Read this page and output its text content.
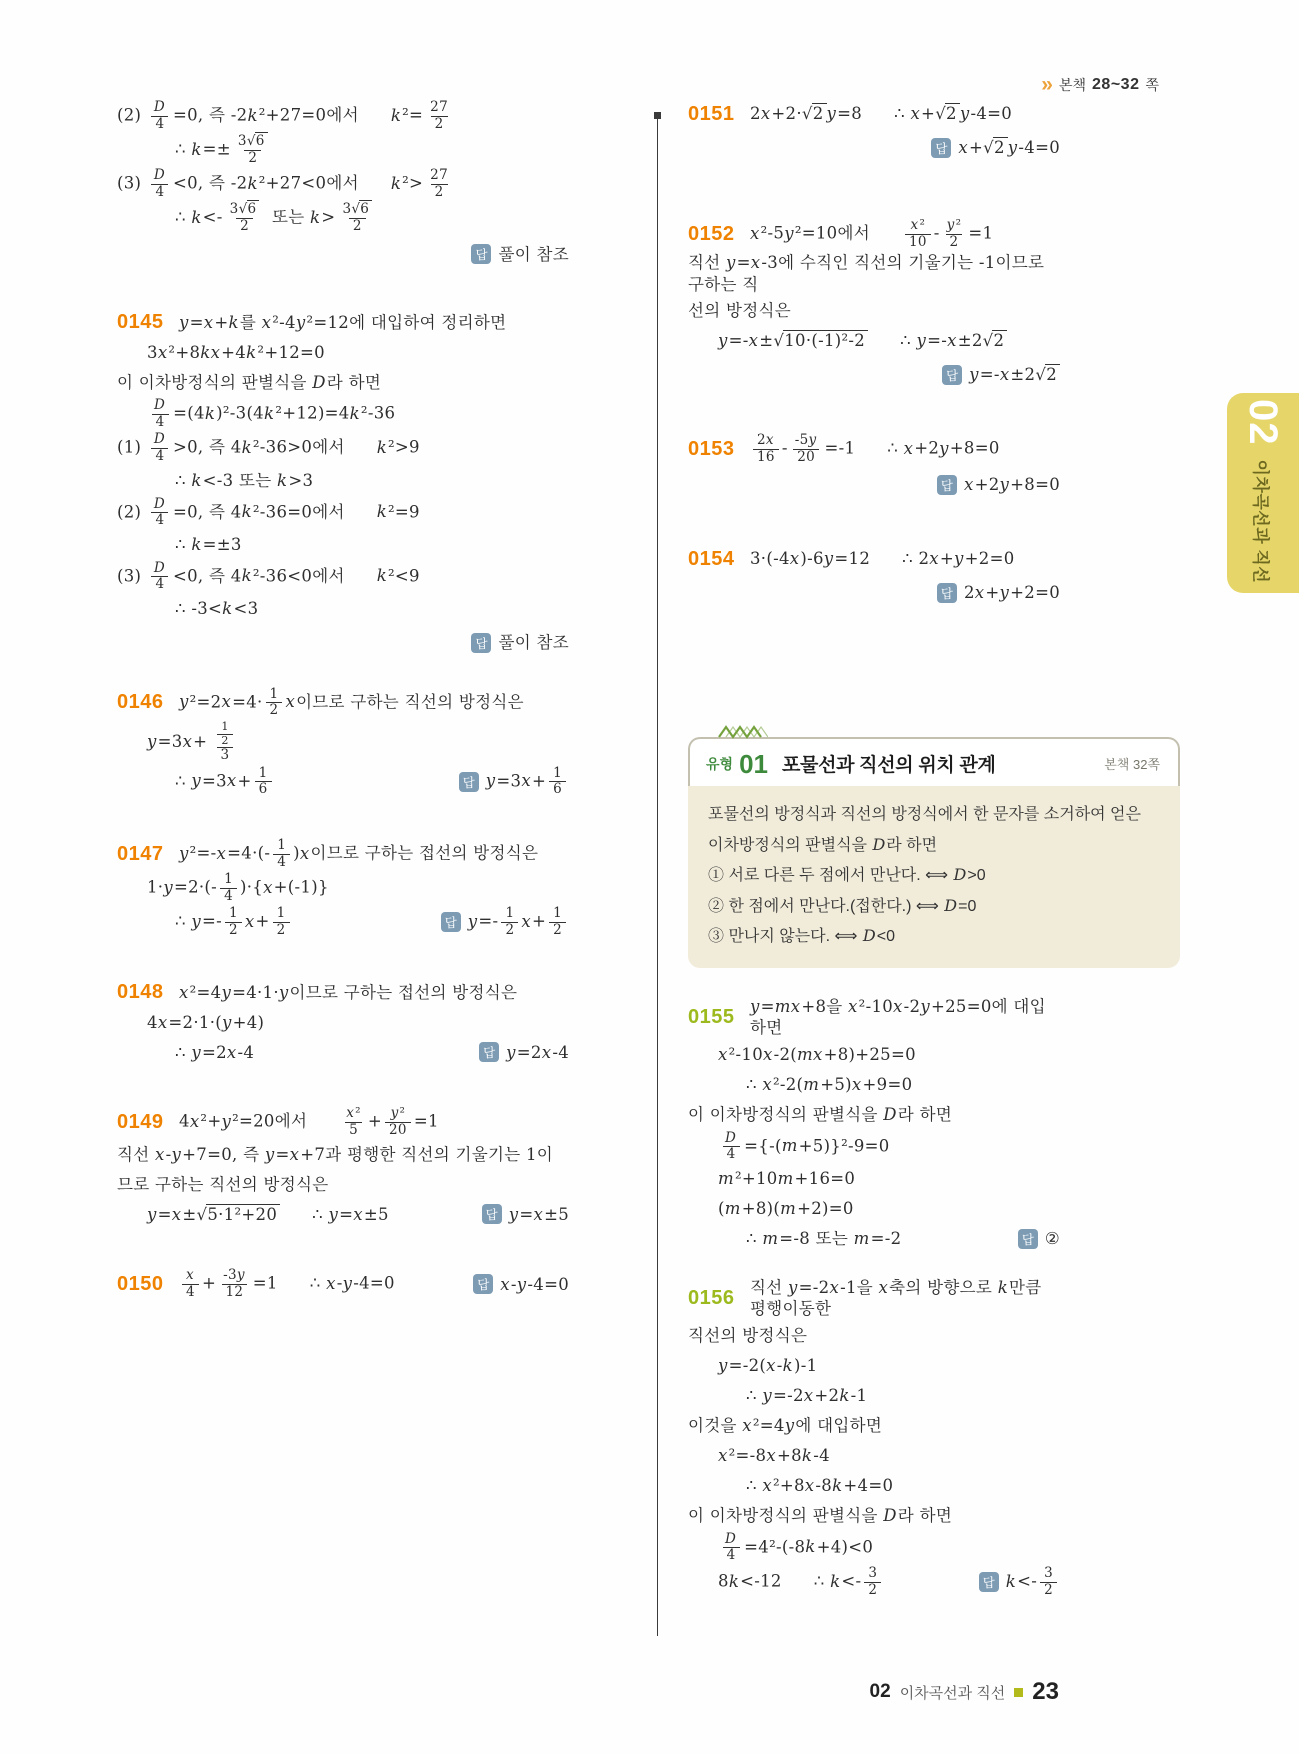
» 본책 28~32 쪽
$(2) \frac{D}{4} =0$, 즉 -2k²+27=0에서 $k^2= \frac{27}{2}$
∴ $k=\pm \frac{3√6}{2}$
$(3) \frac{D}{4} <0$, 즉 -2k²+27<0에서 $k^2> \frac{27}{2}$
∴ $k<- \frac{3√6}{2}$ 또는 $k> \frac{3√6}{2}$
답 풀이 참조
0145 y=x+k를 x²-4y²=12에 대입하여 정리하면
3x²+8kx+4k²+12=0
이 이차방정식의 판별식을 D라 하면
$\frac{D}{4} =(4k)^2-3(4k^2+12)=4k^2-36$
$(1) \frac{D}{4} >0$, 즉 4k²-36>0에서 k²>9
∴ k<-3 또는 k>3
$(2) \frac{D}{4} =0$, 즉 4k²-36=0에서 k²=9
∴ k=±3
$(3) \frac{D}{4} <0$, 즉 4k²-36<0에서 k²<9
∴ -3<k<3
답 풀이 참조
0146 $y^2=2x=4\cdot \frac{1}{2}$ x이므로 구하는 직선의 방정식은
$y=3x+ \frac{\frac{1}{2}}{3}$
∴ $y=3x+ \frac{1}{6}$	답 $y=3x+ \frac{1}{6}$
0147 $y^2=-x=4\cdot(- \frac{1}{4} )x$이므로 구하는 접선의 방정식은
$1\cdot y=2\cdot(- \frac{1}{4} )\cdot\{x+(-1)\}$
∴ $y=- \frac{1}{2} x+ \frac{1}{2}$	답 $y=- \frac{1}{2} x+ \frac{1}{2}$
0148 x²=4y=4·1·y이므로 구하는 접선의 방정식은
4x=2·1·(y+4)
∴ y=2x-4	답 y=2x-4
0149 4x²+y²=20에서	$\frac{\text{x²}}{5} + \frac{\text{y²}}{20} =1$
직선 x-y+7=0, 즉 y=x+7과 평행한 직선의 기울기는 1이
므로 구하는 직선의 방정식은
y=x±√5·1²+20 ∴ y=x±5	답 y=x±5
0150	$\frac{x}{4} + \frac{-3y}{12} =1$ ∴ x-y-4=0	답 x-y-4=0
0151 2x+2·√2 y=8 ∴ x+√2 y-4=0
답 x+√2 y-4=0
0152 x²-5y²=10에서	$\frac{\text{x²}}{10} - \frac{\text{y²}}{2} =1$
직선 y=x-3에 수직인 직선의 기울기는 -1이므로 구하는 직
선의 방정식은
y=-x±√10·(-1)²-2 ∴ y=-x±2√2
답 y=-x±2√2
0153	$\frac{2x}{16} - \frac{-5y}{20} =-1$ ∴ x+2y+8=0
답 x+2y+8=0
0154 3·(-4x)-6y=12 ∴ 2x+y+2=0
답 2x+y+2=0
유형 01 포물선과 직선의 위치 관계	본책 32쪽
포물선의 방정식과 직선의 방정식에서 한 문자를 소거하여 얻은
이차방정식의 판별식을 D라 하면
① 서로 다른 두 점에서 만난다. ⟺ D>0
② 한 점에서 만난다.(접한다.) ⟺ D=0
③ 만나지 않는다. ⟺ D<0
0155 y=mx+8을 x²-10x-2y+25=0에 대입하면
x²-10x-2(mx+8)+25=0
∴ x²-2(m+5)x+9=0
이 이차방정식의 판별식을 D라 하면
$\frac{D}{4} =\{-(m+5)\}^2-9=0$
m²+10m+16=0
(m+8)(m+2)=0
∴ m=-8 또는 m=-2	답 ②
0156 직선 y=-2x-1을 x축의 방향으로 k만큼 평행이동한
직선의 방정식은
y=-2(x-k)-1
∴ y=-2x+2k-1
이것을 x²=4y에 대입하면
x²=-8x+8k-4
∴ x²+8x-8k+4=0
이 이차방정식의 판별식을 D라 하면
$\frac{D}{4} =4^2-(-8k+4)<0$
8k<-12 ∴ $k<- \frac{3}{2}$	답 $k<- \frac{3}{2}$
02
이차곡선과 직선
02 이차곡선과 직선 23
